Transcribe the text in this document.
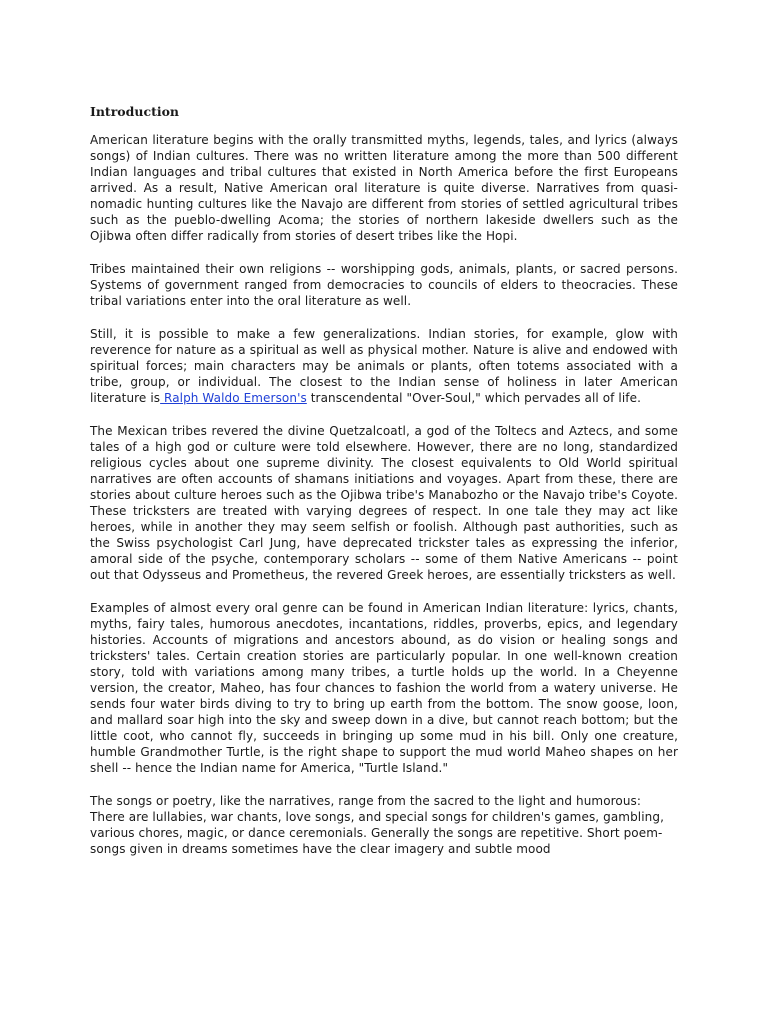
Introduction

American literature begins with the orally transmitted myths, legends, tales, and lyrics (always songs) of Indian cultures. There was no written literature among the more than 500 different Indian languages and tribal cultures that existed in North America before the first Europeans arrived. As a result, Native American oral literature is quite diverse. Narratives from quasi-nomadic hunting cultures like the Navajo are different from stories of settled agricultural tribes such as the pueblo-dwelling Acoma; the stories of northern lakeside dwellers such as the Ojibwa often differ radically from stories of desert tribes like the Hopi.

Tribes maintained their own religions -- worshipping gods, animals, plants, or sacred persons. Systems of government ranged from democracies to councils of elders to theocracies. These tribal variations enter into the oral literature as well.

Still, it is possible to make a few generalizations. Indian stories, for example, glow with reverence for nature as a spiritual as well as physical mother. Nature is alive and endowed with spiritual forces; main characters may be animals or plants, often totems associated with a tribe, group, or individual. The closest to the Indian sense of holiness in later American literature is Ralph Waldo Emerson's transcendental "Over-Soul," which pervades all of life.

The Mexican tribes revered the divine Quetzalcoatl, a god of the Toltecs and Aztecs, and some tales of a high god or culture were told elsewhere. However, there are no long, standardized religious cycles about one supreme divinity. The closest equivalents to Old World spiritual narratives are often accounts of shamans initiations and voyages. Apart from these, there are stories about culture heroes such as the Ojibwa tribe's Manabozho or the Navajo tribe's Coyote. These tricksters are treated with varying degrees of respect. In one tale they may act like heroes, while in another they may seem selfish or foolish. Although past authorities, such as the Swiss psychologist Carl Jung, have deprecated trickster tales as expressing the inferior, amoral side of the psyche, contemporary scholars -- some of them Native Americans -- point out that Odysseus and Prometheus, the revered Greek heroes, are essentially tricksters as well.

Examples of almost every oral genre can be found in American Indian literature: lyrics, chants, myths, fairy tales, humorous anecdotes, incantations, riddles, proverbs, epics, and legendary histories. Accounts of migrations and ancestors abound, as do vision or healing songs and tricksters' tales. Certain creation stories are particularly popular. In one well-known creation story, told with variations among many tribes, a turtle holds up the world. In a Cheyenne version, the creator, Maheo, has four chances to fashion the world from a watery universe. He sends four water birds diving to try to bring up earth from the bottom. The snow goose, loon, and mallard soar high into the sky and sweep down in a dive, but cannot reach bottom; but the little coot, who cannot fly, succeeds in bringing up some mud in his bill. Only one creature, humble Grandmother Turtle, is the right shape to support the mud world Maheo shapes on her shell -- hence the Indian name for America, "Turtle Island."

The songs or poetry, like the narratives, range from the sacred to the light and humorous: There are lullabies, war chants, love songs, and special songs for children's games, gambling, various chores, magic, or dance ceremonials. Generally the songs are repetitive. Short poem-songs given in dreams sometimes have the clear imagery and subtle mood
